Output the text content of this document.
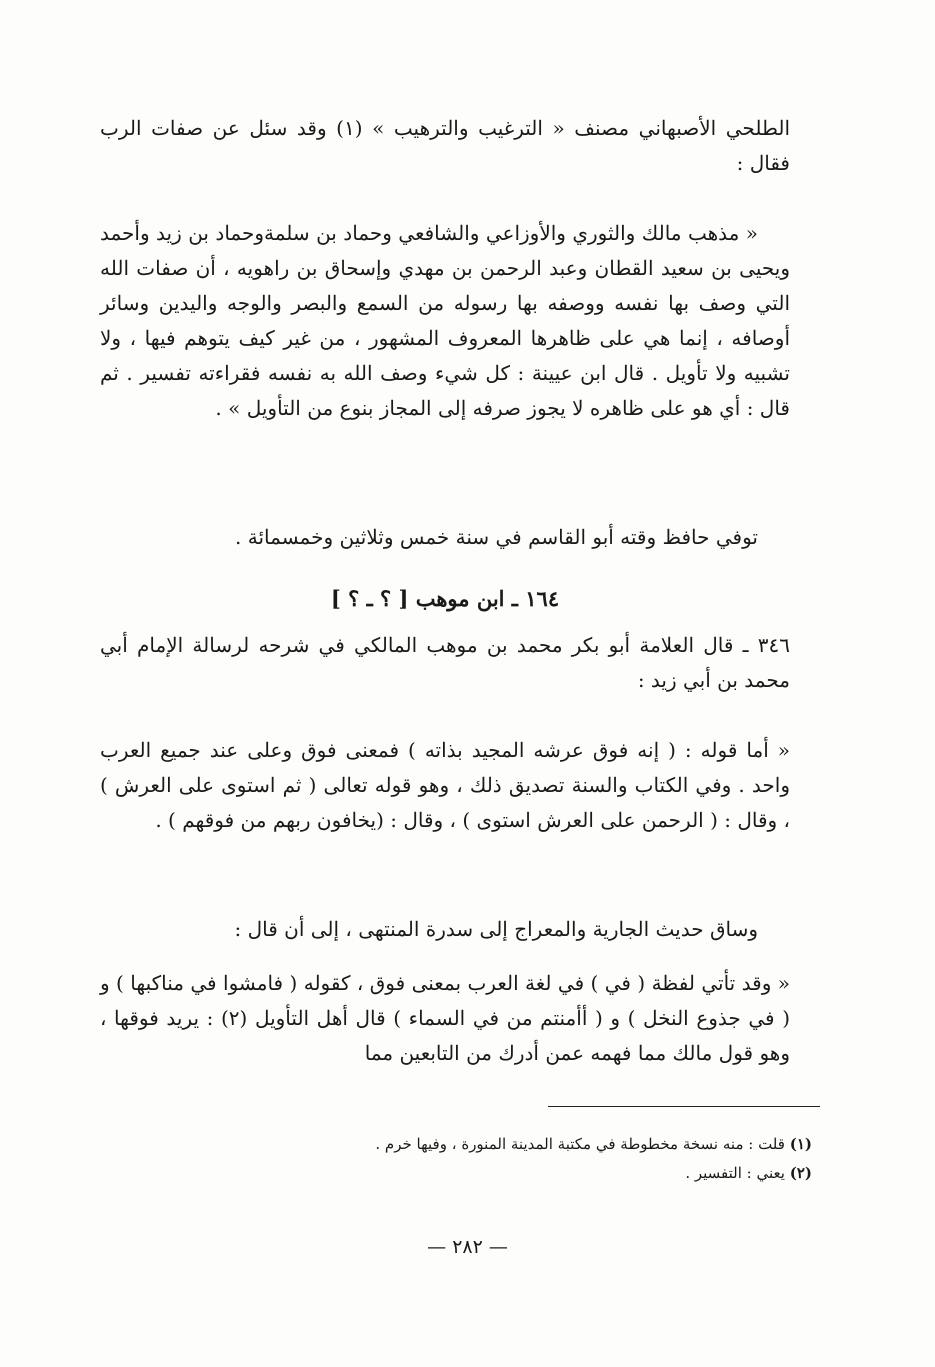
الطلحي الأصبهاني مصنف « الترغيب والترهيب » (١) وقد سئل عن صفات الرب فقال :

« مذهب مالك والثوري والأوزاعي والشافعي وحماد بن سلمةوحماد بن زيد وأحمد ويحيى بن سعيد القطان وعبد الرحمن بن مهدي وإسحاق بن راهويه ، أن صفات الله التي وصف بها نفسه ووصفه بها رسوله من السمع والبصر والوجه واليدين وسائر أوصافه ، إنما هي على ظاهرها المعروف المشهور ، من غير كيف يتوهم فيها ، ولا تشبيه ولا تأويل . قال ابن عيينة : كل شيء وصف الله به نفسه فقراءته تفسير . ثم قال : أي هو على ظاهره لا يجوز صرفه إلى المجاز بنوع من التأويل » .

توفي حافظ وقته أبو القاسم في سنة خمس وثلاثين وخمسمائة .

١٦٤ ـ ابن موهب [ ؟ ـ ؟ ]

٣٤٦ ـ قال العلامة أبو بكر محمد بن موهب المالكي في شرحه لرسالة الإمام أبي محمد بن أبي زيد :

« أما قوله : ( إنه فوق عرشه المجيد بذاته ) فمعنى فوق وعلى عند جميع العرب واحد . وفي الكتاب والسنة تصديق ذلك ، وهو قوله تعالى ( ثم استوى على العرش ) ، وقال : ( الرحمن على العرش استوى ) ، وقال : (يخافون ربهم من فوقهم ) .

وساق حديث الجارية والمعراج إلى سدرة المنتهى ، إلى أن قال :

« وقد تأتي لفظة ( في ) في لغة العرب بمعنى فوق ، كقوله ( فامشوا في مناكبها ) و ( في جذوع النخل ) و ( أأمنتم من في السماء ) قال أهل التأويل (٢) : يريد فوقها ، وهو قول مالك مما فهمه عمن أدرك من التابعين مما

(١) قلت : منه نسخة مخطوطة في مكتبة المدينة المنورة ، وفيها خرم .

(٢) يعني : التفسير .

— ٢٨٢ —
